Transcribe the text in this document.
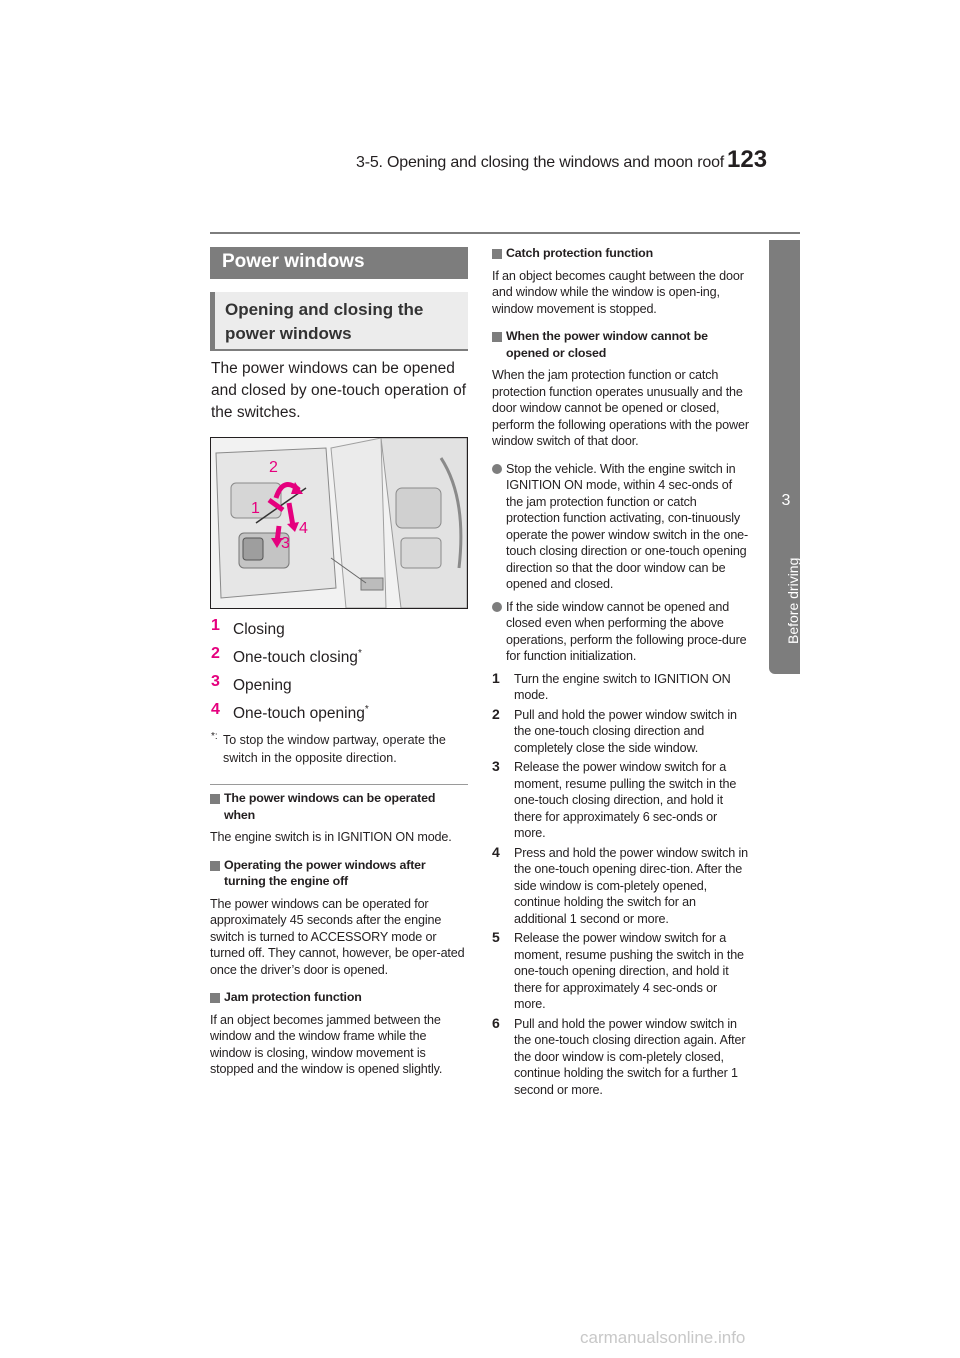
3-5. Opening and closing the windows and moon roof 123
3
Before driving
Power windows
Opening and closing the power windows
The power windows can be opened and closed by one-touch operation of the switches.
2
1
4
3
1 Closing
2 One-touch closing*
3 Opening
4 One-touch opening*
*: To stop the window partway, operate the switch in the opposite direction.
The power windows can be operated when

The engine switch is in IGNITION ON mode.

Operating the power windows after turning the engine off

The power windows can be operated for approximately 45 seconds after the engine switch is turned to ACCESSORY mode or turned off. They cannot, however, be oper-ated once the driver’s door is opened.

Jam protection function

If an object becomes jammed between the window and the window frame while the window is closing, window movement is stopped and the window is opened slightly.

Catch protection function

If an object becomes caught between the door and window while the window is open-ing, window movement is stopped.

When the power window cannot be opened or closed

When the jam protection function or catch protection function operates unusually and the door window cannot be opened or closed, perform the following operations with the power window switch of that door.

Stop the vehicle. With the engine switch in IGNITION ON mode, within 4 sec-onds of the jam protection function or catch protection function activating, con-tinuously operate the power window switch in the one-touch closing direction or one-touch opening direction so that the door window can be opened and closed.
If the side window cannot be opened and closed even when performing the above operations, perform the following proce-dure for function initialization.
1 Turn the engine switch to IGNITION ON mode.
2 Pull and hold the power window switch in the one-touch closing direction and completely close the side window.
3 Release the power window switch for a moment, resume pulling the switch in the one-touch closing direction, and hold it there for approximately 6 sec-onds or more.
4 Press and hold the power window switch in the one-touch opening direc-tion. After the side window is com-pletely opened, continue holding the switch for an additional 1 second or more.
5 Release the power window switch for a moment, resume pushing the switch in the one-touch opening direction, and hold it there for approximately 4 sec-onds or more.
6 Pull and hold the power window switch in the one-touch closing direction again. After the door window is com-pletely closed, continue holding the switch for a further 1 second or more.
carmanualsonline.info
